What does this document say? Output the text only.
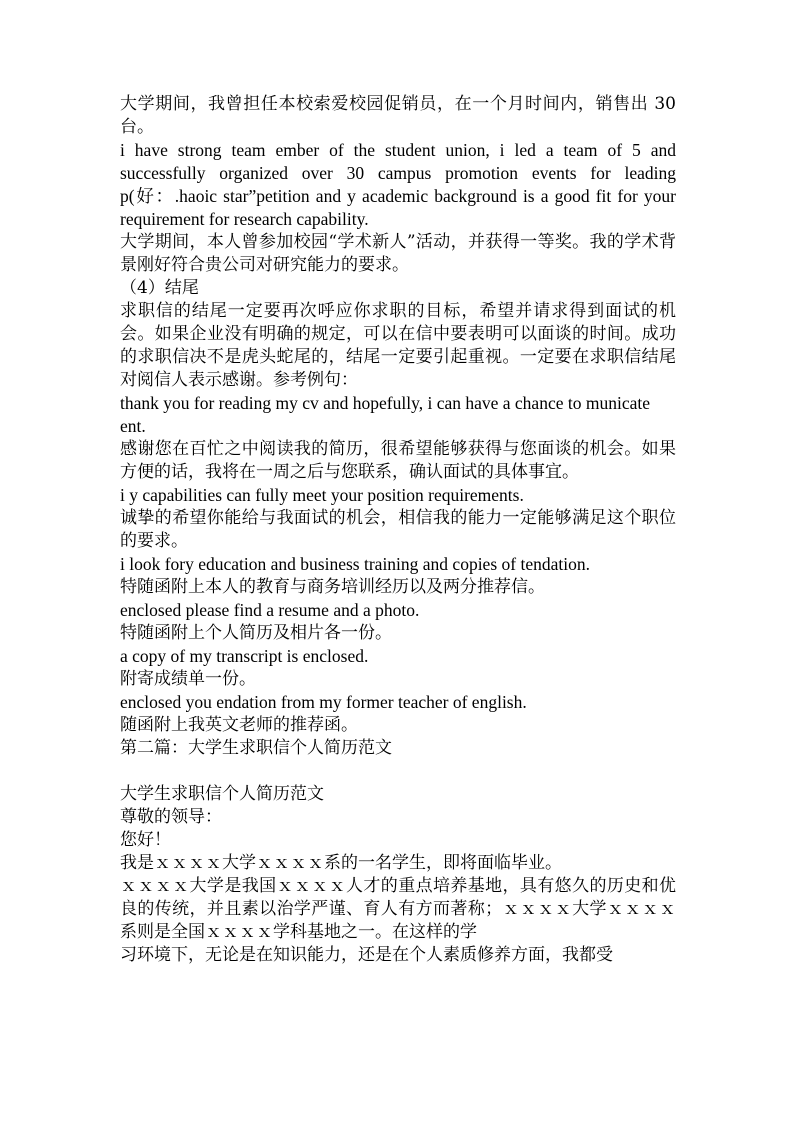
大学期间，我曾担任本校索爱校园促销员，在一个月时间内，销售出 30 台。

i have strong team ember of the student union, i led a team of 5 and successfully organized over 30 campus promotion events for leading p(好：.haoic star”petition and y academic background is a good fit for your requirement for research capability.

大学期间，本人曾参加校园“学术新人”活动，并获得一等奖。我的学术背景刚好符合贵公司对研究能力的要求。

（4）结尾

求职信的结尾一定要再次呼应你求职的目标，希望并请求得到面试的机会。如果企业没有明确的规定，可以在信中要表明可以面谈的时间。成功的求职信决不是虎头蛇尾的，结尾一定要引起重视。一定要在求职信结尾对阅信人表示感谢。参考例句：

thank you for reading my cv and hopefully, i can have a chance to municate ent.

感谢您在百忙之中阅读我的简历，很希望能够获得与您面谈的机会。如果方便的话，我将在一周之后与您联系，确认面试的具体事宜。

i y capabilities can fully meet your position requirements.

诚挚的希望你能给与我面试的机会，相信我的能力一定能够满足这个职位的要求。

i look fory education and business training and copies of tendation.

特随函附上本人的教育与商务培训经历以及两分推荐信。

enclosed please find a resume and a photo.

特随函附上个人简历及相片各一份。

a copy of my transcript is enclosed.

附寄成绩单一份。

enclosed you endation from my former teacher of english.

随函附上我英文老师的推荐函。

第二篇：大学生求职信个人简历范文

大学生求职信个人简历范文

尊敬的领导：

您好！

我是ｘｘｘｘ大学ｘｘｘｘ系的一名学生，即将面临毕业。

ｘｘｘｘ大学是我国ｘｘｘｘ人才的重点培养基地，具有悠久的历史和优良的传统，并且素以治学严谨、育人有方而著称；ｘｘｘｘ大学ｘｘｘｘ系则是全国ｘｘｘｘ学科基地之一。在这样的学

习环境下，无论是在知识能力，还是在个人素质修养方面，我都受
